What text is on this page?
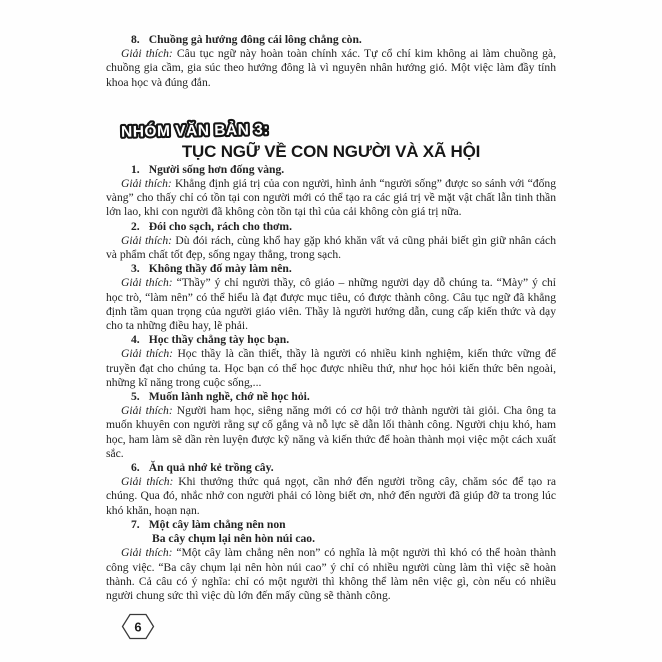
8. Chuồng gà hướng đông cái lông chẳng còn.

Giải thích: Câu tục ngữ này hoàn toàn chính xác. Tự cổ chí kim không ai làm chuồng gà, chuồng gia cầm, gia súc theo hướng đông là vì nguyên nhân hướng gió. Một việc làm đầy tính khoa học và đúng đắn.

NHÓM VĂN BẢN 3:
TỤC NGỮ VỀ CON NGƯỜI VÀ XÃ HỘI

1. Người sống hơn đống vàng.

Giải thích: Khẳng định giá trị của con người, hình ảnh “người sống” được so sánh với “đống vàng” cho thấy chỉ có tồn tại con người mới có thể tạo ra các giá trị về mặt vật chất lẫn tinh thần lớn lao, khi con người đã không còn tồn tại thì của cải không còn giá trị nữa.

2. Đói cho sạch, rách cho thơm.

Giải thích: Dù đói rách, cùng khổ hay gặp khó khăn vất vả cũng phải biết gìn giữ nhân cách và phẩm chất tốt đẹp, sống ngay thẳng, trong sạch.

3. Không thầy đố mày làm nên.

Giải thích: “Thầy” ý chỉ người thầy, cô giáo – những người dạy dỗ chúng ta. “Mày” ý chỉ học trò, “làm nên” có thể hiểu là đạt được mục tiêu, có được thành công. Câu tục ngữ đã khẳng định tầm quan trọng của người giáo viên. Thầy là người hướng dẫn, cung cấp kiến thức và dạy cho ta những điều hay, lẽ phải.

4. Học thầy chẳng tày học bạn.

Giải thích: Học thầy là cần thiết, thầy là người có nhiều kinh nghiệm, kiến thức vững để truyền đạt cho chúng ta. Học bạn có thể học được nhiều thứ, như học hỏi kiến thức bên ngoài, những kĩ năng trong cuộc sống,...

5. Muốn lành nghề, chớ nề học hỏi.

Giải thích: Người ham học, siêng năng mới có cơ hội trở thành người tài giỏi. Cha ông ta muốn khuyên con người rằng sự cố gắng và nỗ lực sẽ dẫn lối thành công. Người chịu khó, ham học, ham làm sẽ dần rèn luyện được kỹ năng và kiến thức để hoàn thành mọi việc một cách xuất sắc.

6. Ăn quả nhớ kẻ trồng cây.

Giải thích: Khi thưởng thức quả ngọt, cần nhớ đến người trồng cây, chăm sóc để tạo ra chúng. Qua đó, nhắc nhở con người phải có lòng biết ơn, nhớ đến người đã giúp đỡ ta trong lúc khó khăn, hoạn nạn.

7. Một cây làm chẳng nên non

Ba cây chụm lại nên hòn núi cao.

Giải thích: “Một cây làm chẳng nên non” có nghĩa là một người thì khó có thể hoàn thành công việc. “Ba cây chụm lại nên hòn núi cao” ý chỉ có nhiều người cùng làm thì việc sẽ hoàn thành. Cả câu có ý nghĩa: chỉ có một người thì không thể làm nên việc gì, còn nếu có nhiều người chung sức thì việc dù lớn đến mấy cũng sẽ thành công.

6
